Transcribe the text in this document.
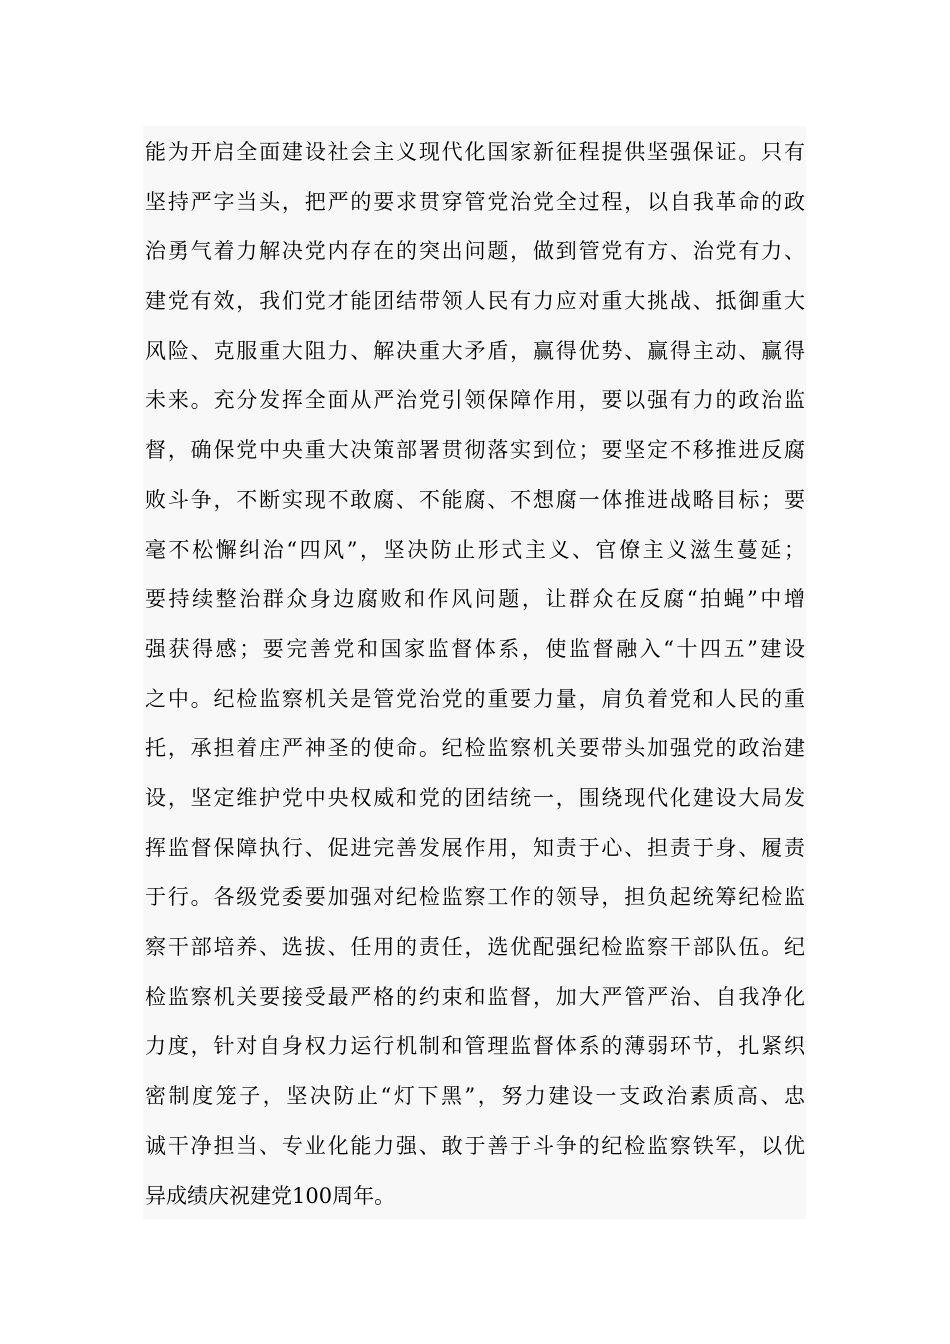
能为开启全面建设社会主义现代化国家新征程提供坚强保证。只有

坚持严字当头，把严的要求贯穿管党治党全过程，以自我革命的政

治勇气着力解决党内存在的突出问题，做到管党有方、治党有力、

建党有效，我们党才能团结带领人民有力应对重大挑战、抵御重大

风险、克服重大阻力、解决重大矛盾，赢得优势、赢得主动、赢得

未来。充分发挥全面从严治党引领保障作用，要以强有力的政治监

督，确保党中央重大决策部署贯彻落实到位；要坚定不移推进反腐

败斗争，不断实现不敢腐、不能腐、不想腐一体推进战略目标；要

毫不松懈纠治“四风”，坚决防止形式主义、官僚主义滋生蔓延；

要持续整治群众身边腐败和作风问题，让群众在反腐“拍蝇”中增

强获得感；要完善党和国家监督体系，使监督融入“十四五”建设

之中。纪检监察机关是管党治党的重要力量，肩负着党和人民的重

托，承担着庄严神圣的使命。纪检监察机关要带头加强党的政治建

设，坚定维护党中央权威和党的团结统一，围绕现代化建设大局发

挥监督保障执行、促进完善发展作用，知责于心、担责于身、履责

于行。各级党委要加强对纪检监察工作的领导，担负起统筹纪检监

察干部培养、选拔、任用的责任，选优配强纪检监察干部队伍。纪

检监察机关要接受最严格的约束和监督，加大严管严治、自我净化

力度，针对自身权力运行机制和管理监督体系的薄弱环节，扎紧织

密制度笼子，坚决防止“灯下黑”，努力建设一支政治素质高、忠

诚干净担当、专业化能力强、敢于善于斗争的纪检监察铁军，以优

异成绩庆祝建党100周年。
